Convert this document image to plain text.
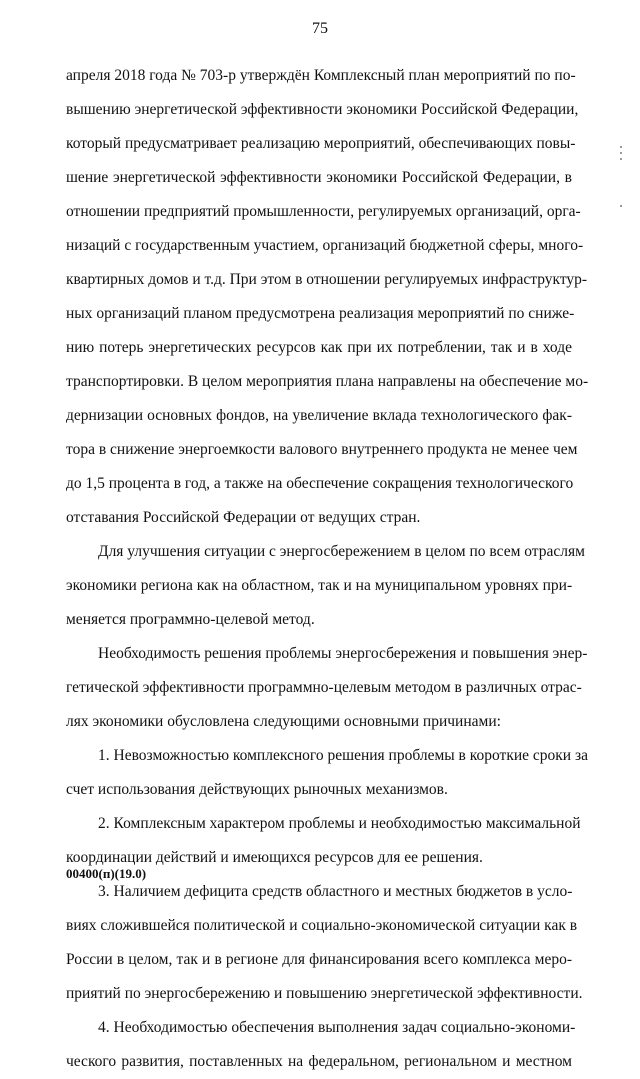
75
апреля 2018 года № 703-р утверждён Комплексный план мероприятий по по-
вышению энергетической эффективности экономики Российской Федерации,
который предусматривает реализацию мероприятий, обеспечивающих повы-
шение энергетической эффективности экономики Российской Федерации, в
отношении предприятий промышленности, регулируемых организаций, орга-
низаций с государственным участием, организаций бюджетной сферы, много-
квартирных домов и т.д. При этом в отношении регулируемых инфраструктур-
ных организаций планом предусмотрена реализация мероприятий по сниже-
нию потерь энергетических ресурсов как при их потреблении, так и в ходе
транспортировки. В целом мероприятия плана направлены на обеспечение мо-
дернизации основных фондов, на увеличение вклада технологического фак-
тора в снижение энергоемкости валового внутреннего продукта не менее чем
до 1,5 процента в год, а также на обеспечение сокращения технологического
отставания Российской Федерации от ведущих стран.
Для улучшения ситуации с энергосбережением в целом по всем отраслям
экономики региона как на областном, так и на муниципальном уровнях при-
меняется программно-целевой метод.
Необходимость решения проблемы энергосбережения и повышения энер-
гетической эффективности программно-целевым методом в различных отрас-
лях экономики обусловлена следующими основными причинами:
1. Невозможностью комплексного решения проблемы в короткие сроки за
счет использования действующих рыночных механизмов.
2. Комплексным характером проблемы и необходимостью максимальной
координации действий и имеющихся ресурсов для ее решения.
3. Наличием дефицита средств областного и местных бюджетов в усло-
виях сложившейся политической и социально-экономической ситуации как в
России в целом, так и в регионе для финансирования всего комплекса меро-
приятий по энергосбережению и повышению энергетической эффективности.
4. Необходимостью обеспечения выполнения задач социально-экономи-
ческого развития, поставленных на федеральном, региональном и местном
00400(п)(19.0)
